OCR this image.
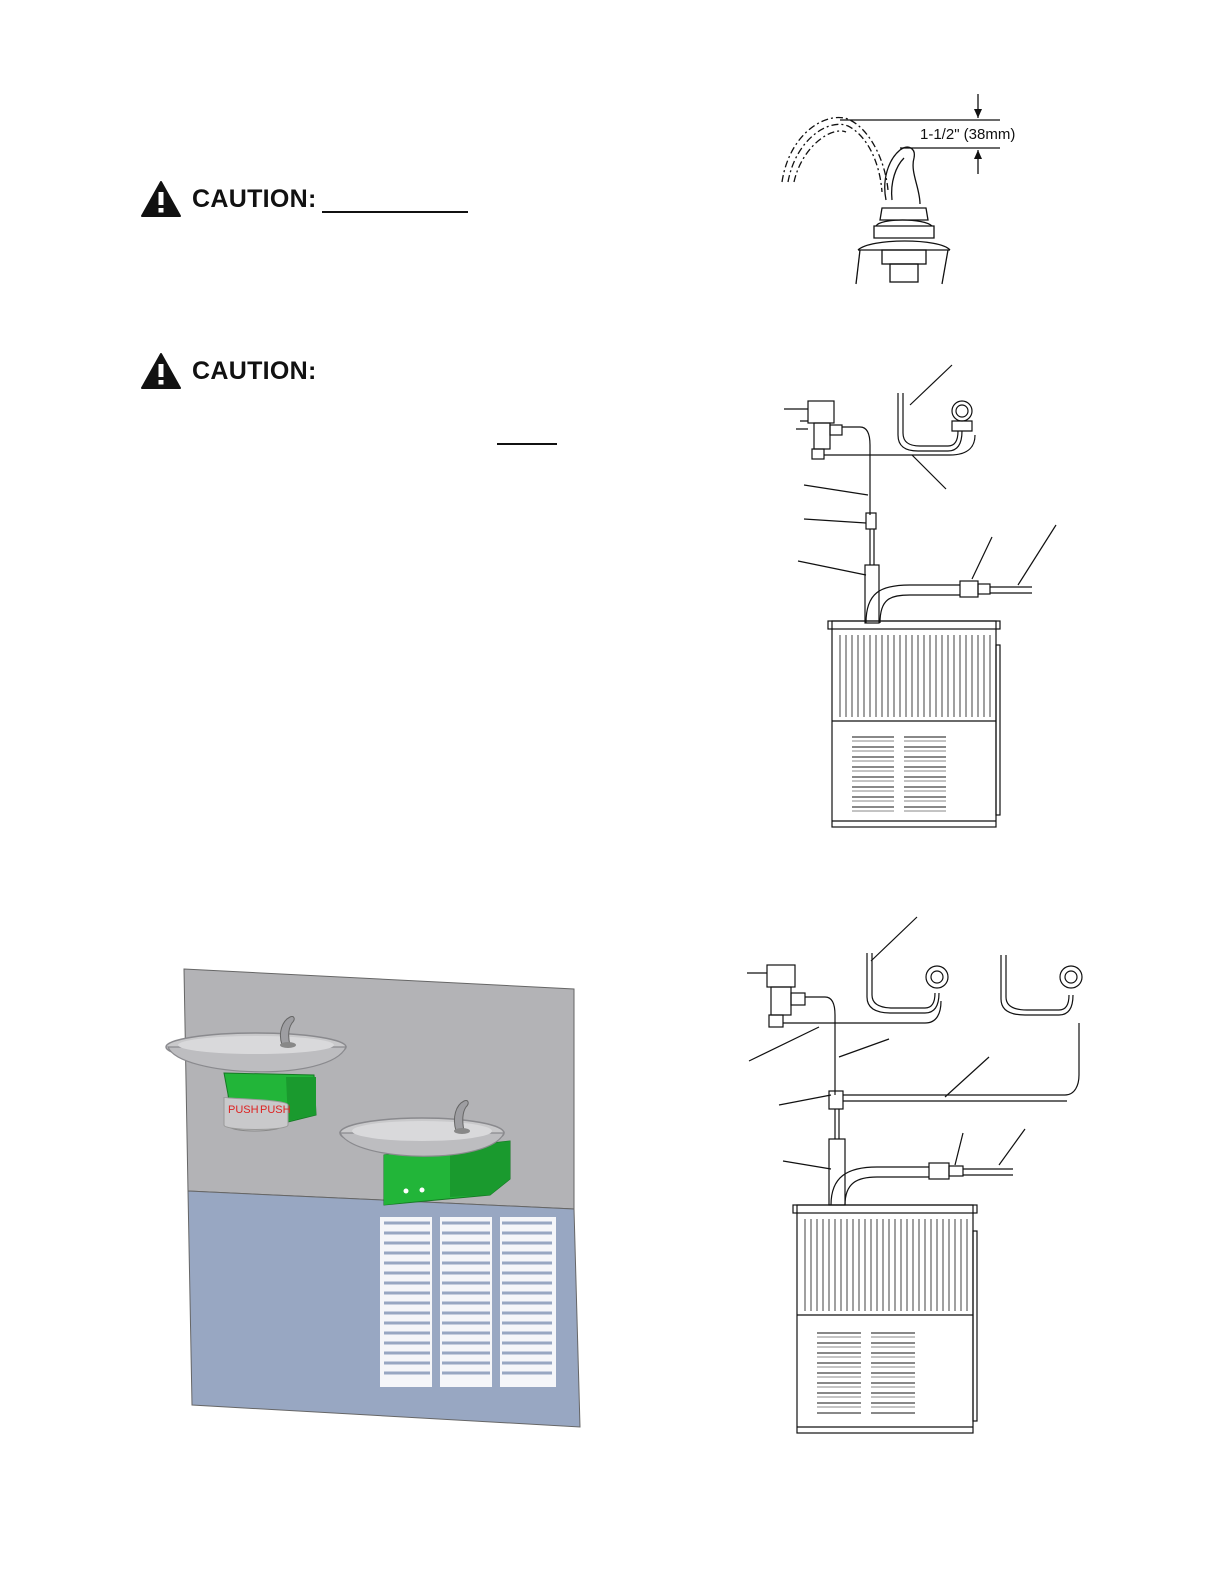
CAUTION:
CAUTION:
1-1/2" (38mm)
PUSH PUSH
